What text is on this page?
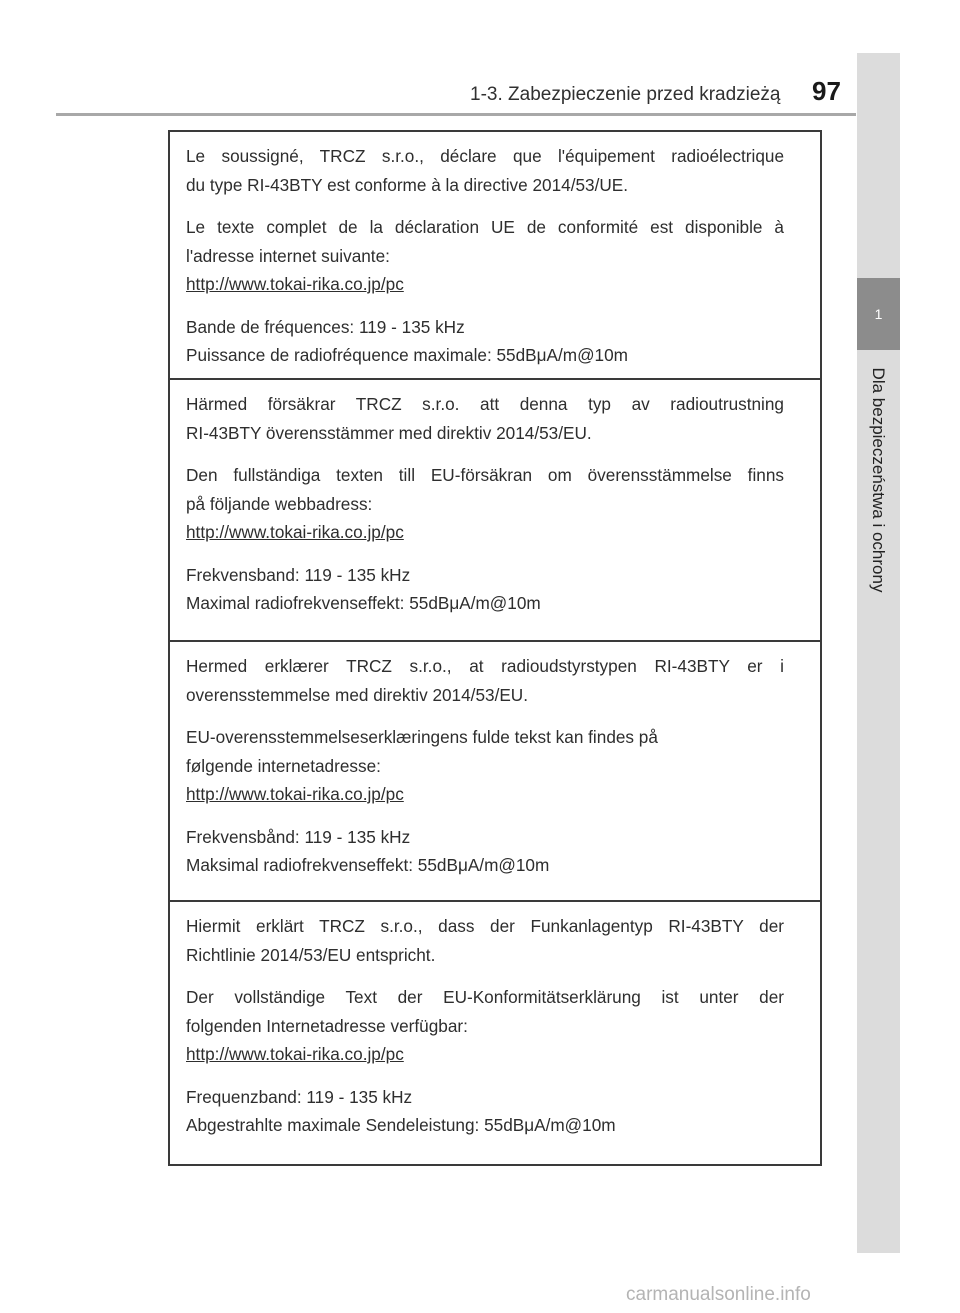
1-3. Zabezpieczenie przed kradzieżą 97
1
Dla bezpieczeństwa i ochrony

Le soussigné, TRCZ s.r.o., déclare que l'équipement radioélectrique

du type RI-43BTY est conforme à la directive 2014/53/UE.

Le texte complet de la déclaration UE de conformité est disponible à

l'adresse internet suivante:

http://www.tokai-rika.co.jp/pc

Bande de fréquences: 119 - 135 kHz

Puissance de radiofréquence maximale: 55dBμA/m@10m

Härmed försäkrar TRCZ s.r.o. att denna typ av radioutrustning

RI-43BTY överensstämmer med direktiv 2014/53/EU.

Den fullständiga texten till EU-försäkran om överensstämmelse finns

på följande webbadress:

http://www.tokai-rika.co.jp/pc

Frekvensband: 119 - 135 kHz

Maximal radiofrekvenseffekt: 55dBμA/m@10m

Hermed erklærer TRCZ s.r.o., at radioudstyrstypen RI-43BTY er i

overensstemmelse med direktiv 2014/53/EU.

EU-overensstemmelseserklæringens fulde tekst kan findes på

følgende internetadresse:

http://www.tokai-rika.co.jp/pc

Frekvensbånd: 119 - 135 kHz

Maksimal radiofrekvenseffekt: 55dBμA/m@10m

Hiermit erklärt TRCZ s.r.o., dass der Funkanlagentyp RI-43BTY der

Richtlinie 2014/53/EU entspricht.

Der vollständige Text der EU-Konformitätserklärung ist unter der

folgenden Internetadresse verfügbar:

http://www.tokai-rika.co.jp/pc

Frequenzband: 119 - 135 kHz

Abgestrahlte maximale Sendeleistung: 55dBμA/m@10m

carmanualsonline.info
